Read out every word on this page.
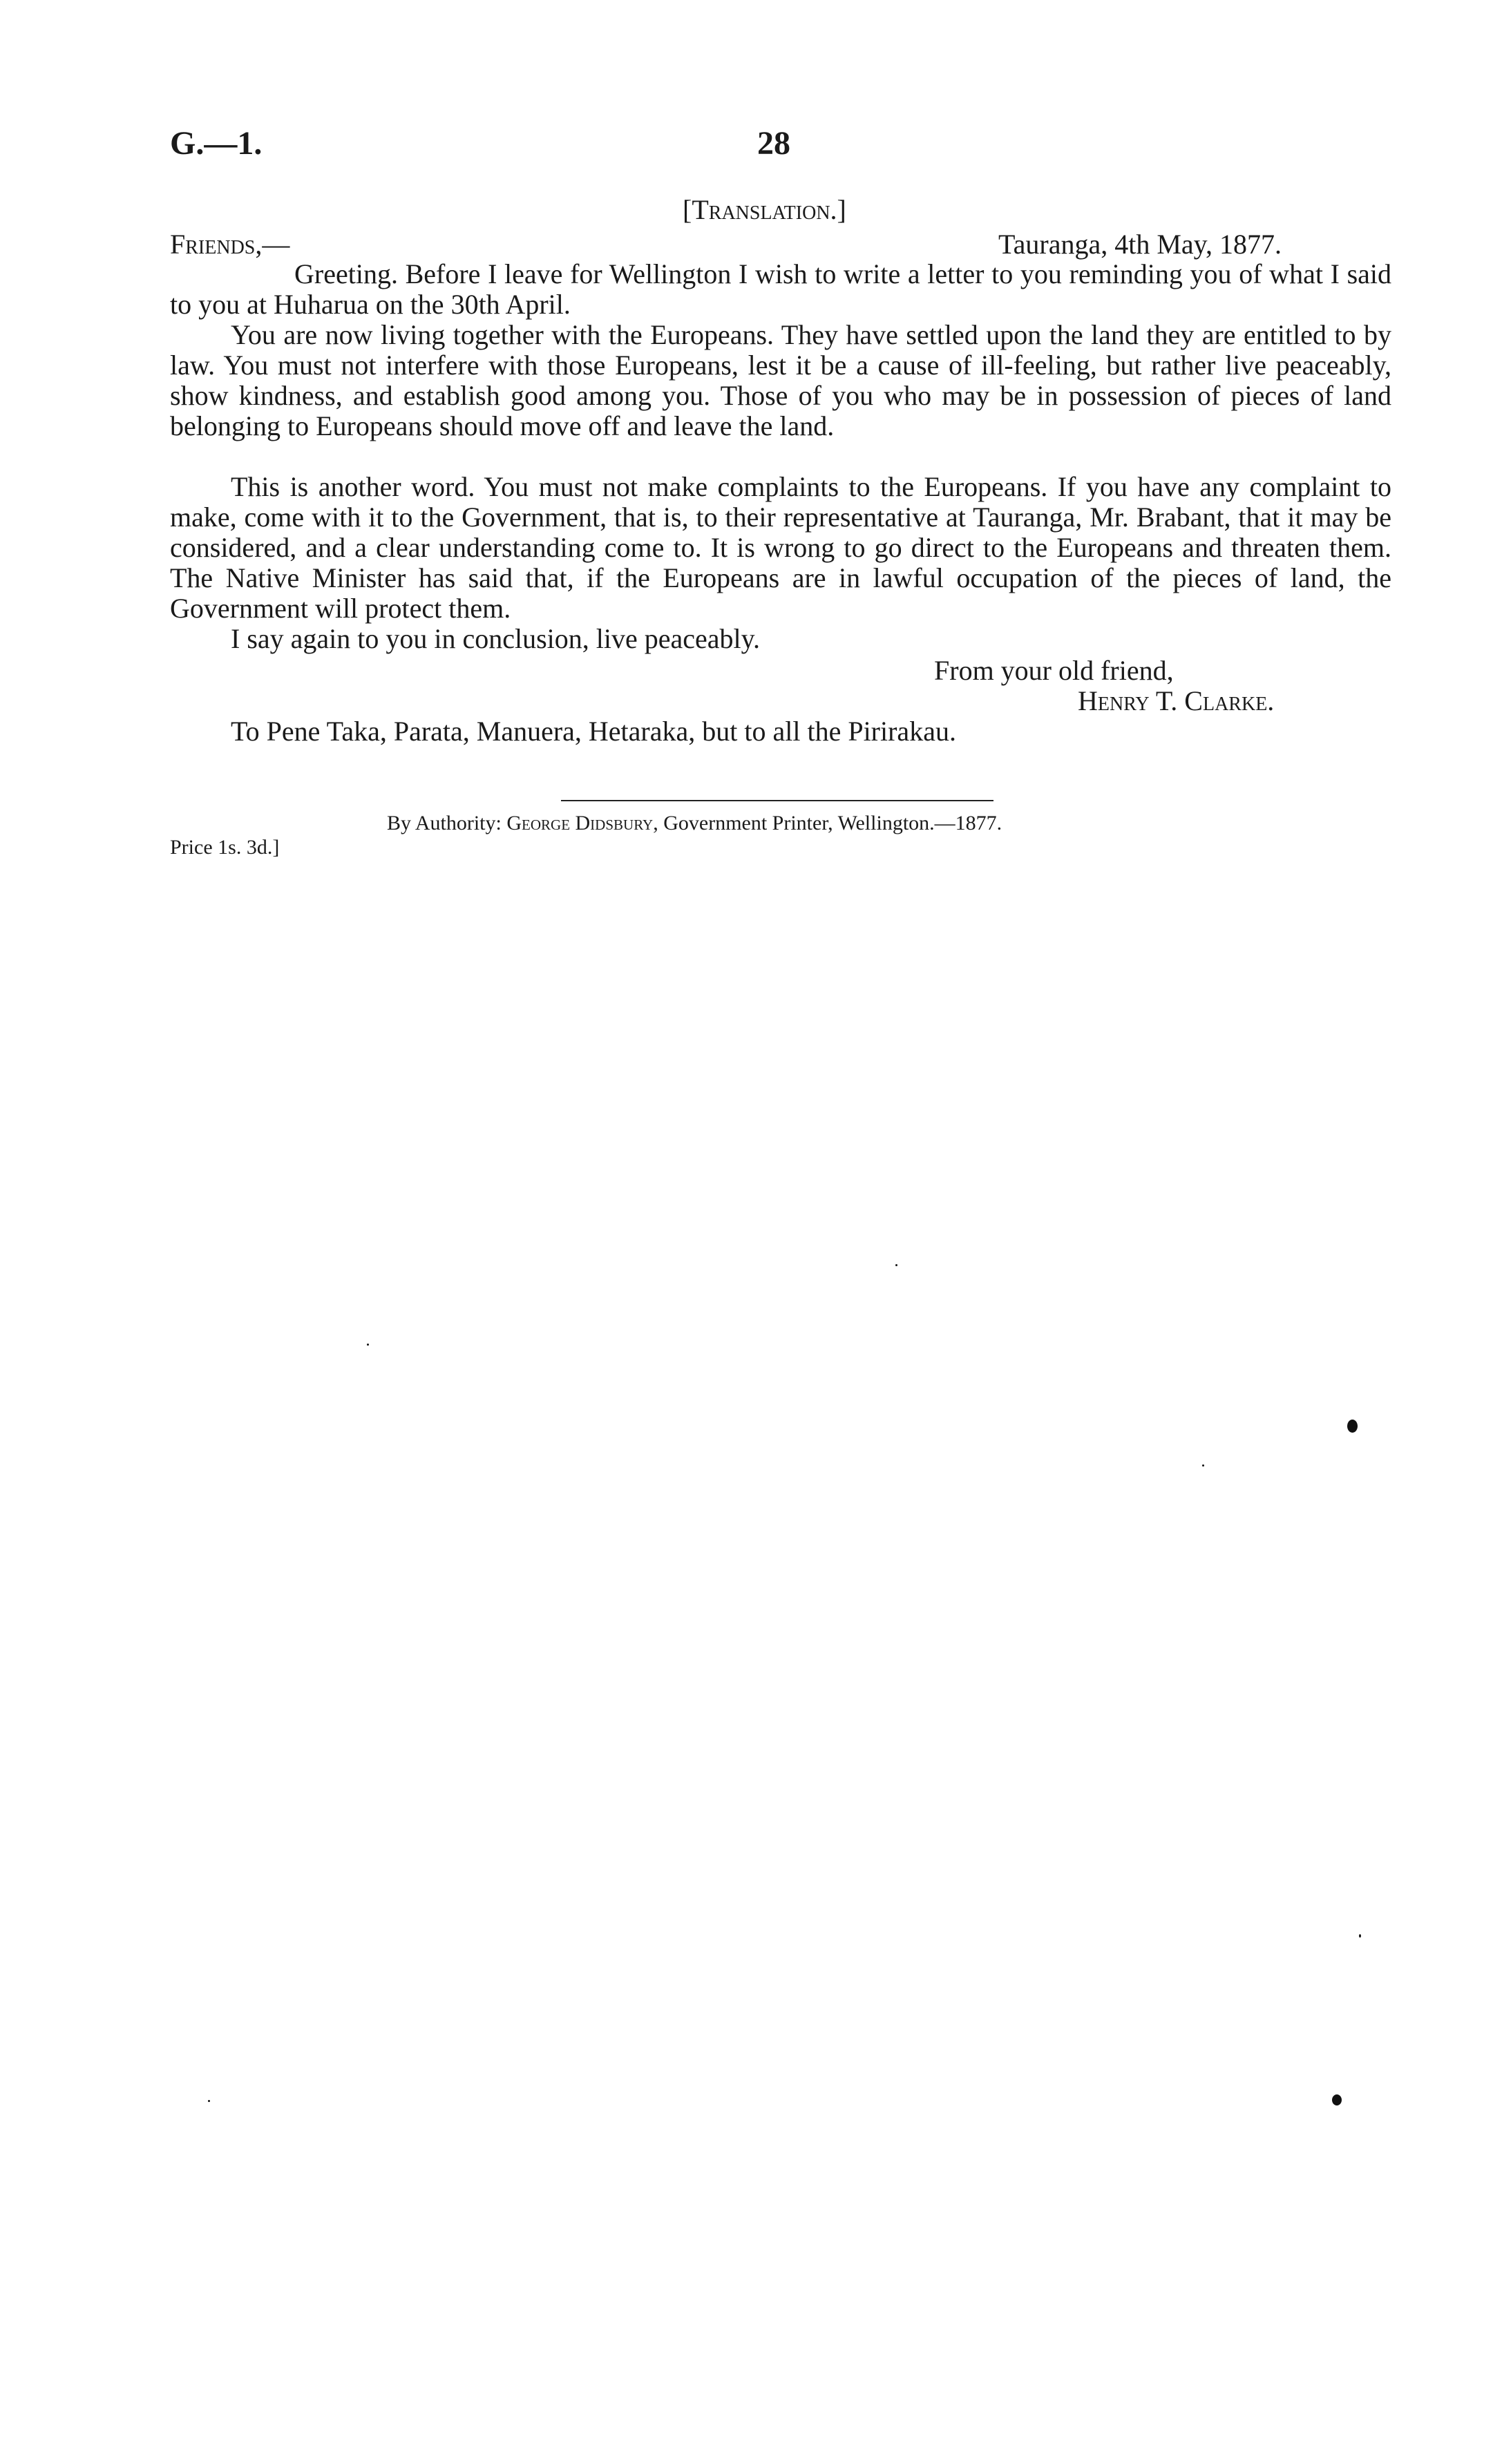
G.—1.	28
[Translation.]
Friends,—	Tauranga, 4th May, 1877.

Greeting. Before I leave for Wellington I wish to write a letter to you reminding you of what I said to you at Huharua on the 30th April.

You are now living together with the Europeans. They have settled upon the land they are entitled to by law. You must not interfere with those Europeans, lest it be a cause of ill-feeling, but rather live peaceably, show kindness, and establish good among you. Those of you who may be in possession of pieces of land belonging to Europeans should move off and leave the land.

This is another word. You must not make complaints to the Europeans. If you have any complaint to make, come with it to the Government, that is, to their representative at Tauranga, Mr. Brabant, that it may be considered, and a clear understanding come to. It is wrong to go direct to the Europeans and threaten them. The Native Minister has said that, if the Europeans are in lawful occupation of the pieces of land, the Government will protect them.

I say again to you in conclusion, live peaceably.

From your old friend,
Henry T. Clarke.
To Pene Taka, Parata, Manuera, Hetaraka, but to all the Pirirakau.
By Authority: George Didsbury, Government Printer, Wellington.—1877.
Price 1s. 3d.]
